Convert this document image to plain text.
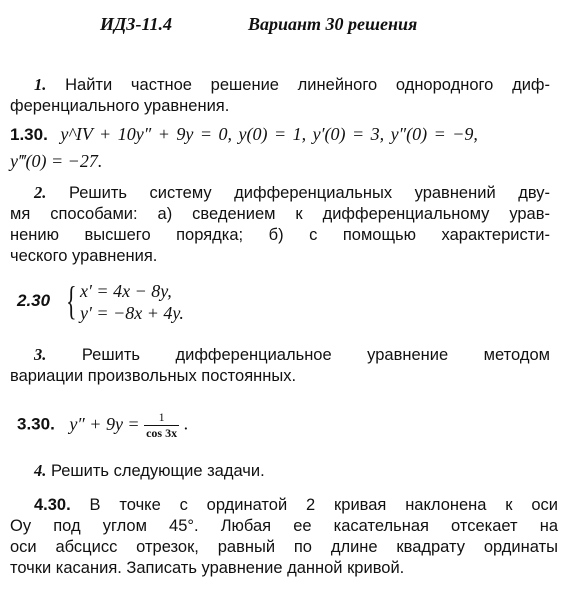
ИДЗ-11.4	Вариант 30 решения
1. Найти частное решение линейного однородного диф-
ференциального уравнения.
1.30. y^IV + 10y″ + 9y = 0, y(0) = 1, y′(0) = 3, y″(0) = −9,
y‴(0) = −27.
2. Решить систему дифференциальных уравнений дву-
мя способами: а) сведением к дифференциальному урав-
нению высшего порядка; б) с помощью характеристи-
ческого уравнения.
2.30 { x′ = 4x − 8y,
y′ = −8x + 4y.
3. Решить дифференциальное уравнение методом
вариации произвольных постоянных.
3.30. $y'' + 9y = \frac{1}{\cos 3x}$ .
4. Решить следующие задачи.
4.30. В точке с ординатой 2 кривая наклонена к оси
Oy под углом 45°. Любая ее касательная отсекает на
оси абсцисс отрезок, равный по длине квадрату ординаты
точки касания. Записать уравнение данной кривой.
